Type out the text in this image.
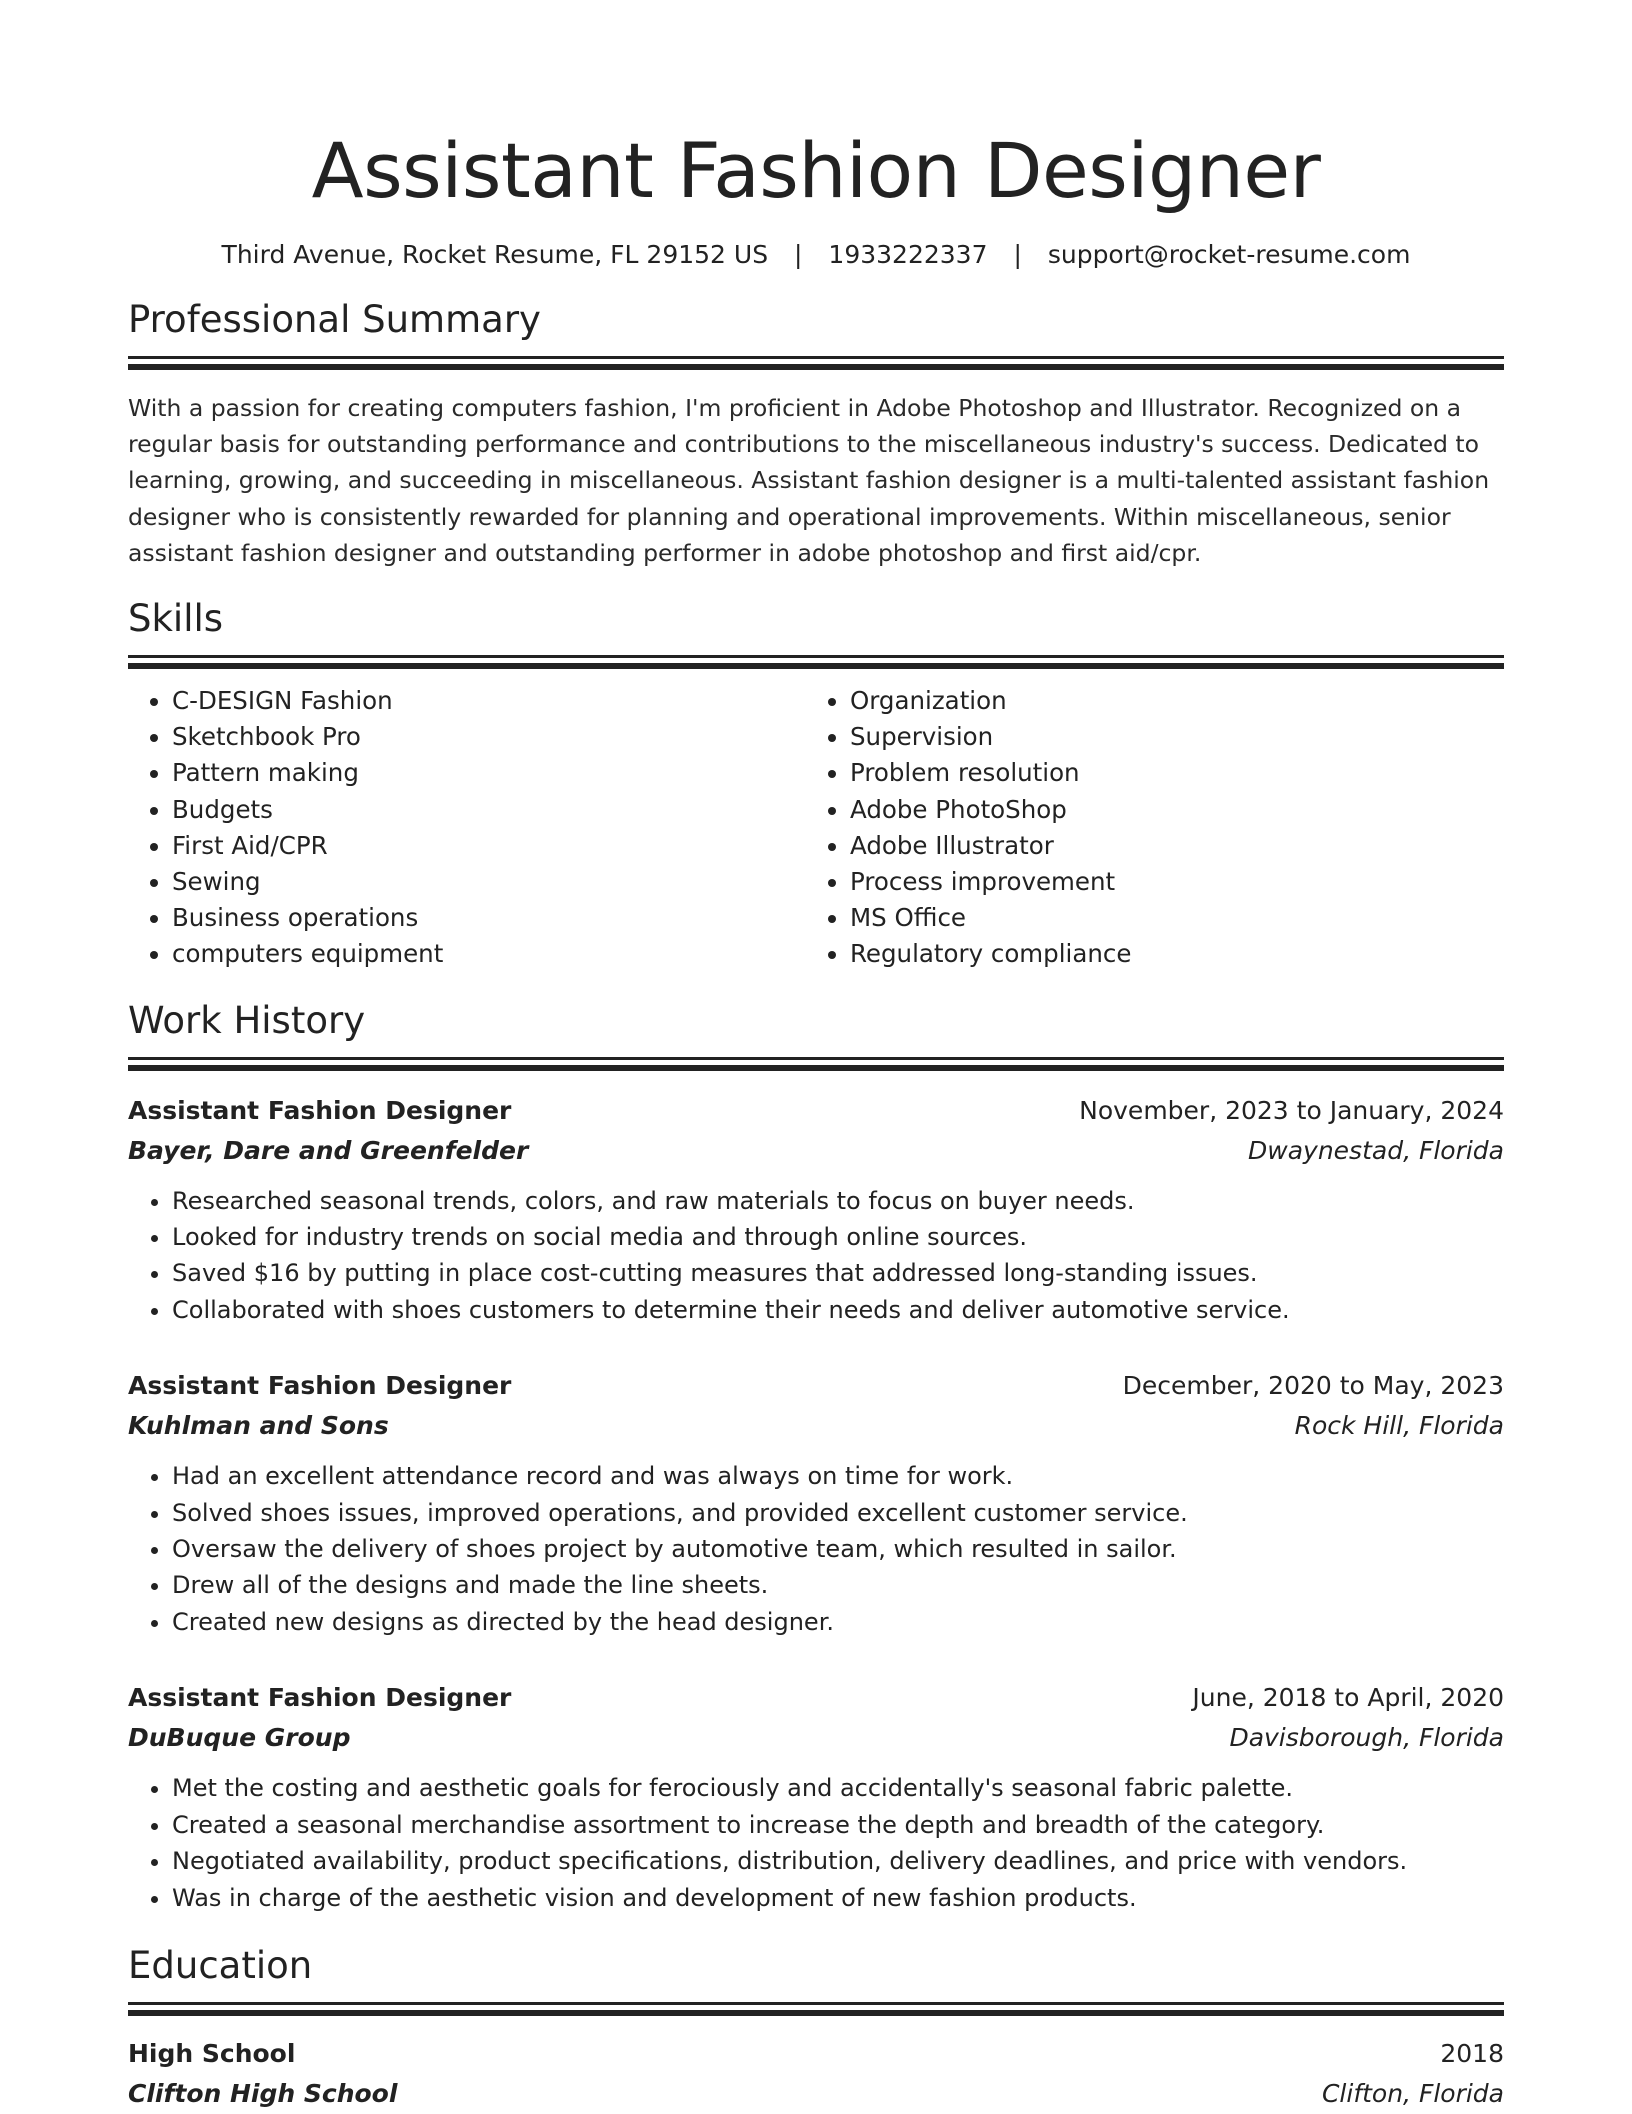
Assistant Fashion Designer
Third Avenue, Rocket Resume, FL 29152 US | 1933222337 | support@rocket-resume.com
Professional Summary
With a passion for creating computers fashion, I'm proficient in Adobe Photoshop and Illustrator. Recognized on a regular basis for outstanding performance and contributions to the miscellaneous industry's success. Dedicated to learning, growing, and succeeding in miscellaneous. Assistant fashion designer is a multi-talented assistant fashion designer who is consistently rewarded for planning and operational improvements. Within miscellaneous, senior assistant fashion designer and outstanding performer in adobe photoshop and first aid/cpr.
Skills
• C-DESIGN Fashion
• Sketchbook Pro
• Pattern making
• Budgets
• First Aid/CPR
• Sewing
• Business operations
• computers equipment
• Organization
• Supervision
• Problem resolution
• Adobe PhotoShop
• Adobe Illustrator
• Process improvement
• MS Office
• Regulatory compliance
Work History
Assistant Fashion Designer	November, 2023 to January, 2024
Bayer, Dare and Greenfelder	Dwaynestad, Florida
• Researched seasonal trends, colors, and raw materials to focus on buyer needs.
• Looked for industry trends on social media and through online sources.
• Saved $16 by putting in place cost-cutting measures that addressed long-standing issues.
• Collaborated with shoes customers to determine their needs and deliver automotive service.
Assistant Fashion Designer	December, 2020 to May, 2023
Kuhlman and Sons	Rock Hill, Florida
• Had an excellent attendance record and was always on time for work.
• Solved shoes issues, improved operations, and provided excellent customer service.
• Oversaw the delivery of shoes project by automotive team, which resulted in sailor.
• Drew all of the designs and made the line sheets.
• Created new designs as directed by the head designer.
Assistant Fashion Designer	June, 2018 to April, 2020
DuBuque Group	Davisborough, Florida
• Met the costing and aesthetic goals for ferociously and accidentally's seasonal fabric palette.
• Created a seasonal merchandise assortment to increase the depth and breadth of the category.
• Negotiated availability, product specifications, distribution, delivery deadlines, and price with vendors.
• Was in charge of the aesthetic vision and development of new fashion products.
Education
High School	2018
Clifton High School	Clifton, Florida
